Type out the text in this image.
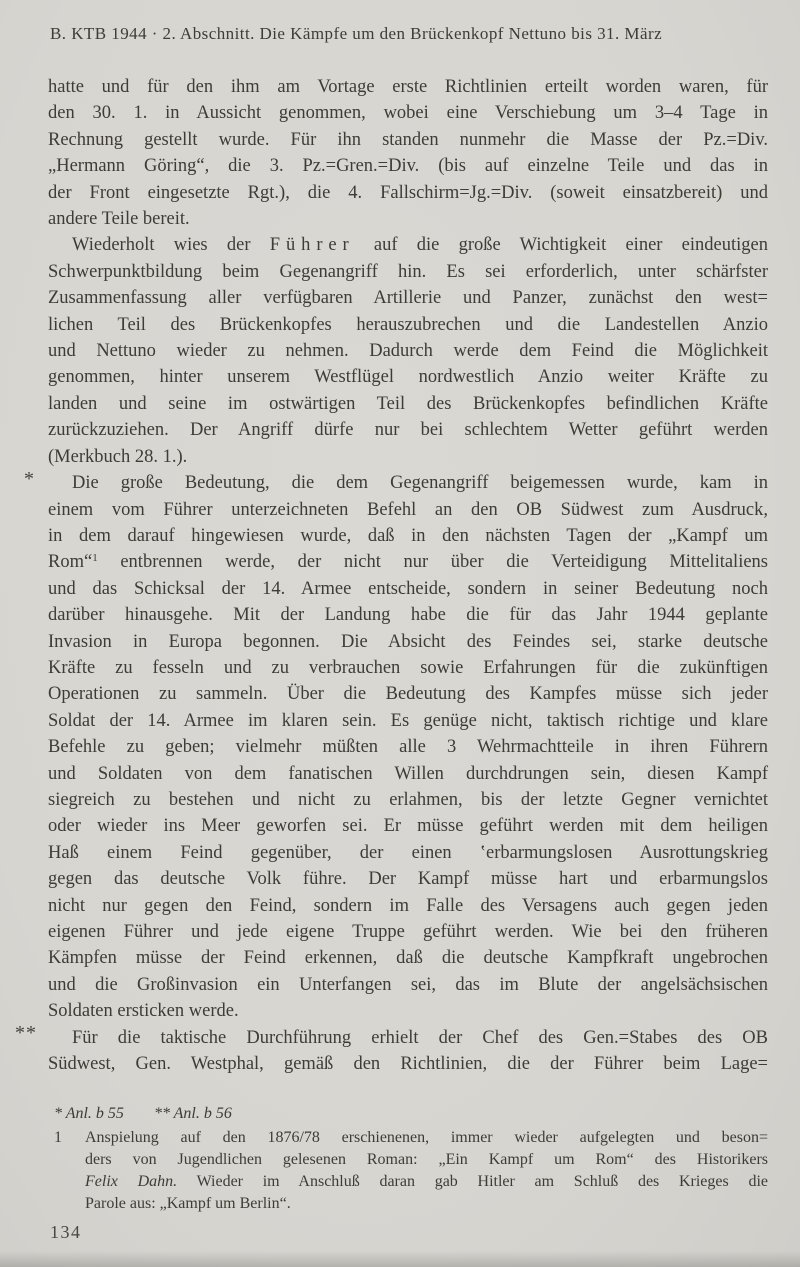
B. KTB 1944 · 2. Abschnitt. Die Kämpfe um den Brückenkopf Nettuno bis 31. März
*
**

hatte und für den ihm am Vortage erste Richtlinien erteilt worden waren, für
den 30. 1. in Aussicht genommen, wobei eine Verschiebung um 3–4 Tage in
Rechnung gestellt wurde. Für ihn standen nunmehr die Masse der Pz.=Div.
„Hermann Göring“, die 3. Pz.=Gren.=Div. (bis auf einzelne Teile und das in
der Front eingesetzte Rgt.), die 4. Fallschirm=Jg.=Div. (soweit einsatzbereit) und
andere Teile bereit.

Wiederholt wies der Führer auf die große Wichtigkeit einer eindeutigen
Schwerpunktbildung beim Gegenangriff hin. Es sei erforderlich, unter schärfster
Zusammenfassung aller verfügbaren Artillerie und Panzer, zunächst den west=
lichen Teil des Brückenkopfes herauszubrechen und die Landestellen Anzio
und Nettuno wieder zu nehmen. Dadurch werde dem Feind die Möglichkeit
genommen, hinter unserem Westflügel nordwestlich Anzio weiter Kräfte zu
landen und seine im ostwärtigen Teil des Brückenkopfes befindlichen Kräfte
zurückzuziehen. Der Angriff dürfe nur bei schlechtem Wetter geführt werden
(Merkbuch 28. 1.).

Die große Bedeutung, die dem Gegenangriff beigemessen wurde, kam in
einem vom Führer unterzeichneten Befehl an den OB Südwest zum Ausdruck,
in dem darauf hingewiesen wurde, daß in den nächsten Tagen der „Kampf um
Rom“$^1$ entbrennen werde, der nicht nur über die Verteidigung Mittelitaliens
und das Schicksal der 14. Armee entscheide, sondern in seiner Bedeutung noch
darüber hinausgehe. Mit der Landung habe die für das Jahr 1944 geplante
Invasion in Europa begonnen. Die Absicht des Feindes sei, starke deutsche
Kräfte zu fesseln und zu verbrauchen sowie Erfahrungen für die zukünftigen
Operationen zu sammeln. Über die Bedeutung des Kampfes müsse sich jeder
Soldat der 14. Armee im klaren sein. Es genüge nicht, taktisch richtige und klare
Befehle zu geben; vielmehr müßten alle 3 Wehrmachtteile in ihren Führern
und Soldaten von dem fanatischen Willen durchdrungen sein, diesen Kampf
siegreich zu bestehen und nicht zu erlahmen, bis der letzte Gegner vernichtet
oder wieder ins Meer geworfen sei. Er müsse geführt werden mit dem heiligen
Haß einem Feind gegenüber, der einen ‛erbarmungslosen Ausrottungskrieg
gegen das deutsche Volk führe. Der Kampf müsse hart und erbarmungslos
nicht nur gegen den Feind, sondern im Falle des Versagens auch gegen jeden
eigenen Führer und jede eigene Truppe geführt werden. Wie bei den früheren
Kämpfen müsse der Feind erkennen, daß die deutsche Kampfkraft ungebrochen
und die Großinvasion ein Unterfangen sei, das im Blute der angelsächsischen
Soldaten ersticken werde.

Für die taktische Durchführung erhielt der Chef des Gen.=Stabes des OB
Südwest, Gen. Westphal, gemäß den Richtlinien, die der Führer beim Lage=

* Anl. b 55 ** Anl. b 56
1 Anspielung auf den 1876/78 erschienenen, immer wieder aufgelegten und beson=
ders von Jugendlichen gelesenen Roman: „Ein Kampf um Rom“ des Historikers
Felix Dahn. Wieder im Anschluß daran gab Hitler am Schluß des Krieges die
Parole aus: „Kampf um Berlin“.
134
